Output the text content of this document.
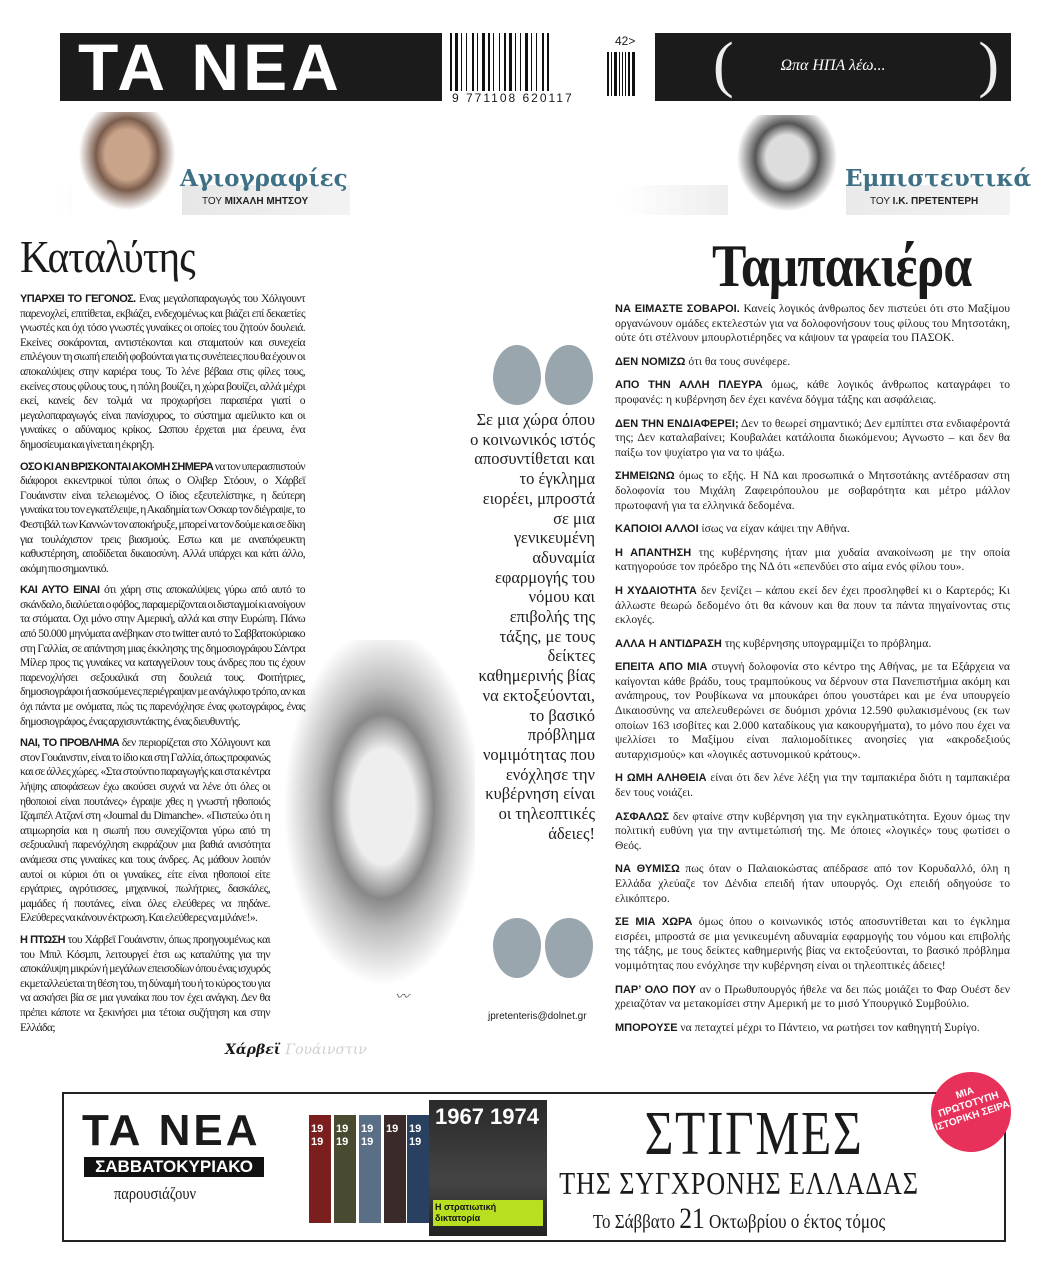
ΤΑ ΝΕΑ	9 771108 620117
42> (	Ωπα ΗΠΑ λέω...	)
Αγιογραφίες
ΤΟΥ ΜΙΧΑΛΗ ΜΗΤΣΟΥ
Καταλύτης
Εμπιστευτικά
ΤΟΥ Ι.Κ. ΠΡΕΤΕΝΤΕΡΗ
Ταμπακιέρα
〰

ΥΠΑΡΧΕΙ ΤΟ ΓΕΓΟΝΟΣ. Ενας μεγαλοπαραγωγός του Χόλιγουντ παρενοχλεί, επιτίθεται, εκβιάζει, ενδεχομένως και βιάζει επί δεκαετίες γνωστές και όχι τόσο γνωστές γυναίκες οι οποίες του ζητούν δουλειά. Εκείνες σοκάρονται, αντιστέκονται και σταματούν και συνεχεία επιλέγουν τη σιωπή επειδή φοβούνται για τις συνέπειες που θα έχουν οι αποκαλύψεις στην καριέρα τους. Το λένε βέβαια στις φίλες τους, εκείνες στους φίλους τους, η πόλη βουίζει, η χώρα βουίζει, αλλά μέχρι εκεί, κανείς δεν τολμά να προχωρήσει παραπέρα γιατί ο μεγαλοπαραγωγός είναι πανίσχυρος, το σύστημα αμείλικτο και οι γυναίκες ο αδύναμος κρίκος. Ωσπου έρχεται μια έρευνα, ένα δημοσίευμα και γίνεται η έκρηξη.

ΟΣΟ ΚΙ ΑΝ ΒΡΙΣΚΟΝΤΑΙ ΑΚΟΜΗ ΣΗΜΕΡΑ να τον υπερασπιστούν διάφοροι εκκεντρικοί τύποι όπως ο Ολιβερ Στόουν, ο Χάρβεϊ Γουάινστιν είναι τελειωμένος. Ο ίδιος εξευτελίστηκε, η δεύτερη γυναίκα του τον εγκατέλειψε, η Ακαδημία των Οσκαρ τον διέγραψε, το Φεστιβάλ των Καννών τον αποκήρυξε, μπορεί να τον δούμε και σε δίκη για τουλάχιστον τρεις βιασμούς. Εστω και με αναπόφευκτη καθυστέρηση, αποδίδεται δικαιοσύνη. Αλλά υπάρχει και κάτι άλλο, ακόμη πιο σημαντικό.

ΚΑΙ ΑΥΤΟ ΕΙΝΑΙ ότι χάρη στις αποκαλύψεις γύρω από αυτό το σκάνδαλο, διαλύεται ο φόβος, παραμερίζονται οι δισταγμοί κι ανοίγουν τα στόματα. Οχι μόνο στην Αμερική, αλλά και στην Ευρώπη. Πάνω από 50.000 μηνύματα ανέβηκαν στο twitter αυτό το Σαββατοκύριακο στη Γαλλία, σε απάντηση μιας έκκλησης της δημοσιογράφου Σάντρα Μίλερ προς τις γυναίκες να καταγγείλουν τους άνδρες που τις έχουν παρενοχλήσει σεξουαλικά στη δουλειά τους. Φοιτήτριες, δημοσιογράφοι ή ασκούμενες περιέγραψαν με ανάγλυφο τρόπο, αν και όχι πάντα με ονόματα, πώς τις παρενόχλησε ένας φωτογράφος, ένας δημοσιογράφος, ένας αρχισυντάκτης, ένας διευθυντής.

ΝΑΙ, ΤΟ ΠΡΟΒΛΗΜΑ δεν περιορίζεται στο Χόλιγουντ και στον Γουάινστιν, είναι το ίδιο και στη Γαλλία, όπως προφανώς και σε άλλες χώρες. «Στα στούντιο παραγωγής και στα κέντρα λήψης αποφάσεων έχω ακούσει συχνά να λένε ότι όλες οι ηθοποιοί είναι πουτάνες» έγραψε χθες η γνωστή ηθοποιός Ιζαμπέλ Ατζανί στη «Journal du Dimanche». «Πιστεύω ότι η ατιμωρησία και η σιωπή που συνεχίζονται γύρω από τη σεξουαλική παρενόχληση εκφράζουν μια βαθιά ανισότητα ανάμεσα στις γυναίκες και τους άνδρες. Ας μάθουν λοιπόν αυτοί οι κύριοι ότι οι γυναίκες, είτε είναι ηθοποιοί είτε εργάτριες, αγρότισσες, μηχανικοί, πωλήτριες, δασκάλες, μαμάδες ή πουτάνες, είναι όλες ελεύθερες να πηδάνε. Ελεύθερες να κάνουν έκτρωση. Και ελεύθερες να μιλάνε!».

Η ΠΤΩΣΗ του Χάρβεϊ Γουάινστιν, όπως προηγουμένως και του Μπιλ Κόσμπι, λειτουργεί έτσι ως καταλύτης για την αποκάλυψη μικρών ή μεγάλων επεισοδίων όπου ένας ισχυρός εκμεταλλεύεται τη θέση του, τη δύναμή του ή το κύρος του για να ασκήσει βία σε μια γυναίκα που τον έχει ανάγκη. Δεν θα πρέπει κάποτε να ξεκινήσει μια τέτοια συζήτηση και στην Ελλάδα;

Χάρβεϊ Γουάινστιν
Σε μια χώρα όπου ο κοινωνικός ιστός αποσυντίθεται και το έγκλημα ειορέει, μπροστά σε μια γενικευμένη αδυναμία εφαρμογής του νόμου και επιβολής της τάξης, με τους δείκτες καθημερινής βίας να εκτοξεύονται, το βασικό πρόβλημα νομιμότητας που ενόχλησε την κυβέρνηση είναι οι τηλεοπτικές άδειες!
jpretenteris@dolnet.gr

ΝΑ ΕΙΜΑΣΤΕ ΣΟΒΑΡΟΙ. Κανείς λογικός άνθρωπος δεν πιστεύει ότι στο Μαξίμου οργανώνουν ομάδες εκτελεστών για να δολοφονήσουν τους φίλους του Μητσοτάκη, ούτε ότι στέλνουν μπουρλοτιέρηδες να κάψουν τα γραφεία του ΠΑΣΟΚ.

ΔΕΝ ΝΟΜΙΖΩ ότι θα τους συνέφερε.

ΑΠΟ ΤΗΝ ΑΛΛΗ ΠΛΕΥΡΑ όμως, κάθε λογικός άνθρωπος καταγράφει το προφανές: η κυβέρνηση δεν έχει κανένα δόγμα τάξης και ασφάλειας.

ΔΕΝ ΤΗΝ ΕΝΔΙΑΦΕΡΕΙ; Δεν το θεωρεί σημαντικό; Δεν εμπίπτει στα ενδιαφέροντά της; Δεν καταλαβαίνει; Κουβαλάει κατάλοιπα διωκόμενου; Αγνωστο – και δεν θα παίξω τον ψυχίατρο για να το ψάξω.

ΣΗΜΕΙΩΝΩ όμως το εξής. Η ΝΔ και προσωπικά ο Μητσοτάκης αντέδρασαν στη δολοφονία του Μιχάλη Ζαφειρόπουλου με σοβαρότητα και μέτρο μάλλον πρωτοφανή για τα ελληνικά δεδομένα.

ΚΑΠΟΙΟΙ ΑΛΛΟΙ ίσως να είχαν κάψει την Αθήνα.

Η ΑΠΑΝΤΗΣΗ της κυβέρνησης ήταν μια χυδαία ανακοίνωση με την οποία κατηγορούσε τον πρόεδρο της ΝΔ ότι «επενδύει στο αίμα ενός φίλου του».

Η ΧΥΔΑΙΟΤΗΤΑ δεν ξενίζει – κάπου εκεί δεν έχει προσληφθεί κι ο Καρτερός; Κι άλλωστε θεωρώ δεδομένο ότι θα κάνουν και θα πουν τα πάντα πηγαίνοντας στις εκλογές.

ΑΛΛΑ Η ΑΝΤΙΔΡΑΣΗ της κυβέρνησης υπογραμμίζει το πρόβλημα.

ΕΠΕΙΤΑ ΑΠΟ ΜΙΑ στυγνή δολοφονία στο κέντρο της Αθήνας, με τα Εξάρχεια να καίγονται κάθε βράδυ, τους τραμπούκους να δέρνουν στα Πανεπιστήμια ακόμη και ανάπηρους, τον Ρουβίκωνα να μπουκάρει όπου γουστάρει και με ένα υπουργείο Δικαιοσύνης να απελευθερώνει σε δυόμισι χρόνια 12.590 φυλακισμένους (εκ των οποίων 163 ισοβίτες και 2.000 καταδίκους για κακουργήματα), το μόνο που έχει να ψελλίσει το Μαξίμου είναι παλιομοδίτικες ανοησίες για «ακροδεξιούς αυταρχισμούς» και «λογικές αστυνομικού κράτους».

Η ΩΜΗ ΑΛΗΘΕΙΑ είναι ότι δεν λένε λέξη για την ταμπακιέρα διότι η ταμπακιέρα δεν τους νοιάζει.

ΑΣΦΑΛΩΣ δεν φταίνε στην κυβέρνηση για την εγκληματικότητα. Εχουν όμως την πολιτική ευθύνη για την αντιμετώπισή της. Με όποιες «λογικές» τους φωτίσει ο Θεός.

ΝΑ ΘΥΜΙΣΩ πως όταν ο Παλαιοκώστας απέδρασε από τον Κορυδαλλό, όλη η Ελλάδα χλεύαζε τον Δένδια επειδή ήταν υπουργός. Οχι επειδή οδηγούσε το ελικόπτερο.

ΣΕ ΜΙΑ ΧΩΡΑ όμως όπου ο κοινωνικός ιστός αποσυντίθεται και το έγκλημα εισρέει, μπροστά σε μια γενικευμένη αδυναμία εφαρμογής του νόμου και επιβολής της τάξης, με τους δείκτες καθημερινής βίας να εκτοξεύονται, το βασικό πρόβλημα νομιμότητας που ενόχλησε την κυβέρνηση είναι οι τηλεοπτικές άδειες!

ΠΑΡ’ ΟΛΟ ΠΟΥ αν ο Πρωθυπουργός ήθελε να δει πώς μοιάζει το Φαρ Ουέστ δεν χρειαζόταν να μετακομίσει στην Αμερική με το μισό Υπουργικό Συμβούλιο.

ΜΠΟΡΟΥΣΕ να πεταχτεί μέχρι το Πάντειο, να ρωτήσει τον καθηγητή Συρίγο.

ΤΑ ΝΕΑ
ΣΑΒΒΑΤΟΚΥΡΙΑΚΟ
παρουσιάζουν
19 19
19 19
19 19
19 19 19
1967 1974
Η στρατιωτική δικτατορία
ΣΤΙΓΜΕΣ
ΤΗΣ ΣΥΓΧΡΟΝΗΣ ΕΛΛΑΔΑΣ
Το Σάββατο 21 Οκτωβρίου ο έκτος τόμος
ΜΙΑ ΠΡΩΤΟΤΥΠΗ ΙΣΤΟΡΙΚΗ ΣΕΙΡΑ
